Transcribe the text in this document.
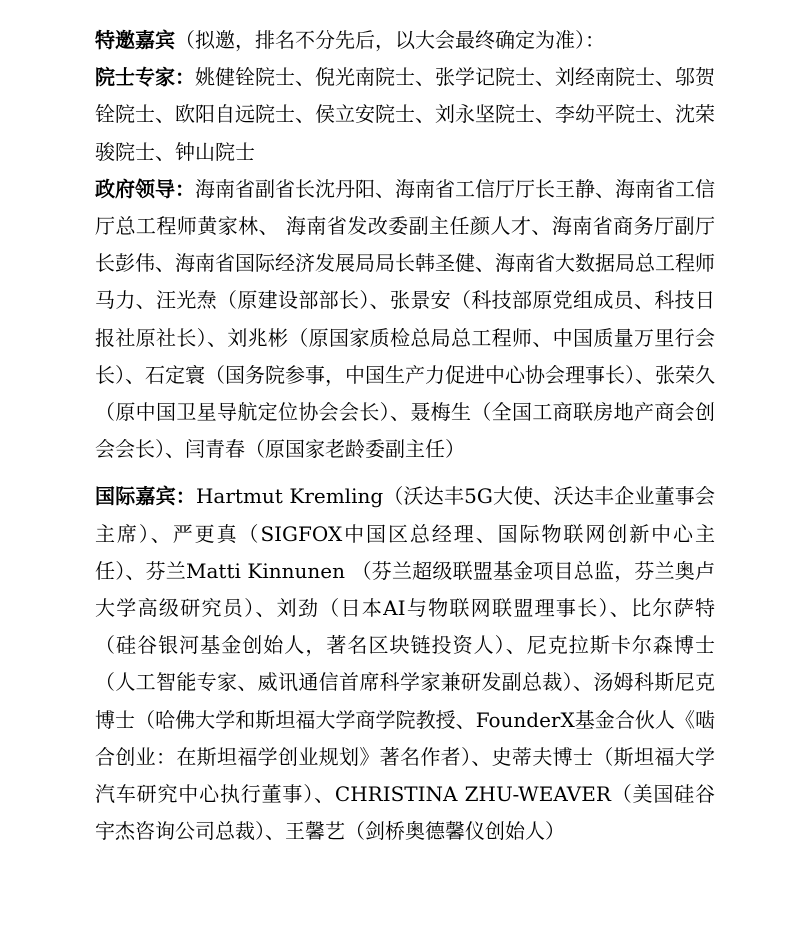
特邀嘉宾（拟邀，排名不分先后，以大会最终确定为准）：

院士专家：姚健铨院士、倪光南院士、张学记院士、刘经南院士、邬贺铨院士、欧阳自远院士、侯立安院士、刘永坚院士、李幼平院士、沈荣骏院士、钟山院士

政府领导：海南省副省长沈丹阳、海南省工信厅厅长王静、海南省工信厅总工程师黄家林、 海南省发改委副主任颜人才、海南省商务厅副厅长彭伟、海南省国际经济发展局局长韩圣健、海南省大数据局总工程师马力、汪光焘（原建设部部长）、张景安（科技部原党组成员、科技日报社原社长）、刘兆彬（原国家质检总局总工程师、中国质量万里行会长）、石定寰（国务院参事，中国生产力促进中心协会理事长）、张荣久 （原中国卫星导航定位协会会长）、聂梅生（全国工商联房地产商会创会会长）、闫青春（原国家老龄委副主任）

国际嘉宾：Hartmut Kremling（沃达丰5G大使、沃达丰企业董事会主席）、严更真（SIGFOX中国区总经理、国际物联网创新中心主任）、芬兰Matti Kinnunen （芬兰超级联盟基金项目总监，芬兰奥卢大学高级研究员）、刘劲（日本AI与物联网联盟理事长）、比尔萨特（硅谷银河基金创始人，著名区块链投资人）、尼克拉斯卡尔森博士（人工智能专家、威讯通信首席科学家兼研发副总裁）、汤姆科斯尼克博士（哈佛大学和斯坦福大学商学院教授、FounderX基金合伙人《啮合创业：在斯坦福学创业规划》著名作者）、史蒂夫博士（斯坦福大学汽车研究中心执行董事）、CHRISTINA ZHU-WEAVER（美国硅谷宇杰咨询公司总裁）、王馨艺（剑桥奥德馨仪创始人）
